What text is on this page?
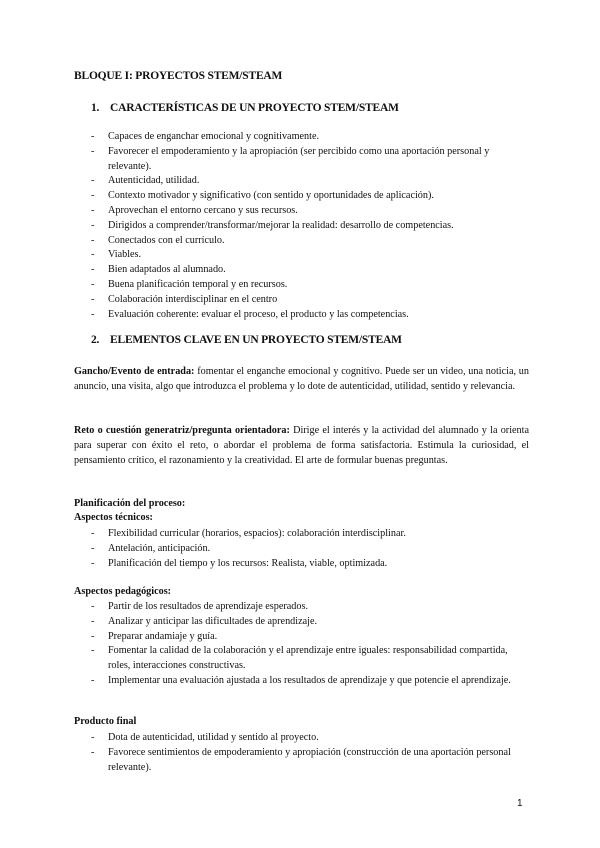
BLOQUE I: PROYECTOS STEM/STEAM
1. CARACTERÍSTICAS DE UN PROYECTO STEM/STEAM
- Capaces de enganchar emocional y cognitivamente.
- Favorecer el empoderamiento y la apropiación (ser percibido como una aportación personal y relevante).
- Autenticidad, utilidad.
- Contexto motivador y significativo (con sentido y oportunidades de aplicación).
- Aprovechan el entorno cercano y sus recursos.
- Dirigidos a comprender/transformar/mejorar la realidad: desarrollo de competencias.
- Conectados con el currículo.
- Viables.
- Bien adaptados al alumnado.
- Buena planificación temporal y en recursos.
- Colaboración interdisciplinar en el centro
- Evaluación coherente: evaluar el proceso, el producto y las competencias.
2. ELEMENTOS CLAVE EN UN PROYECTO STEM/STEAM

Gancho/Evento de entrada: fomentar el enganche emocional y cognitivo. Puede ser un video, una noticia, un anuncio, una visita, algo que introduzca el problema y lo dote de autenticidad, utilidad, sentido y relevancia.

Reto o cuestión generatriz/pregunta orientadora: Dirige el interés y la actividad del alumnado y la orienta para superar con éxito el reto, o abordar el problema de forma satisfactoria. Estimula la curiosidad, el pensamiento crítico, el razonamiento y la creatividad. El arte de formular buenas preguntas.

Planificación del proceso:
Aspectos técnicos:
- Flexibilidad curricular (horarios, espacios): colaboración interdisciplinar.
- Antelación, anticipación.
- Planificación del tiempo y los recursos: Realista, viable, optimizada.
Aspectos pedagógicos:
- Partir de los resultados de aprendizaje esperados.
- Analizar y anticipar las dificultades de aprendizaje.
- Preparar andamiaje y guía.
- Fomentar la calidad de la colaboración y el aprendizaje entre iguales: responsabilidad compartida, roles, interacciones constructivas.
- Implementar una evaluación ajustada a los resultados de aprendizaje y que potencie el aprendizaje.
Producto final
- Dota de autenticidad, utilidad y sentido al proyecto.
- Favorece sentimientos de empoderamiento y apropiación (construcción de una aportación personal relevante).
1
